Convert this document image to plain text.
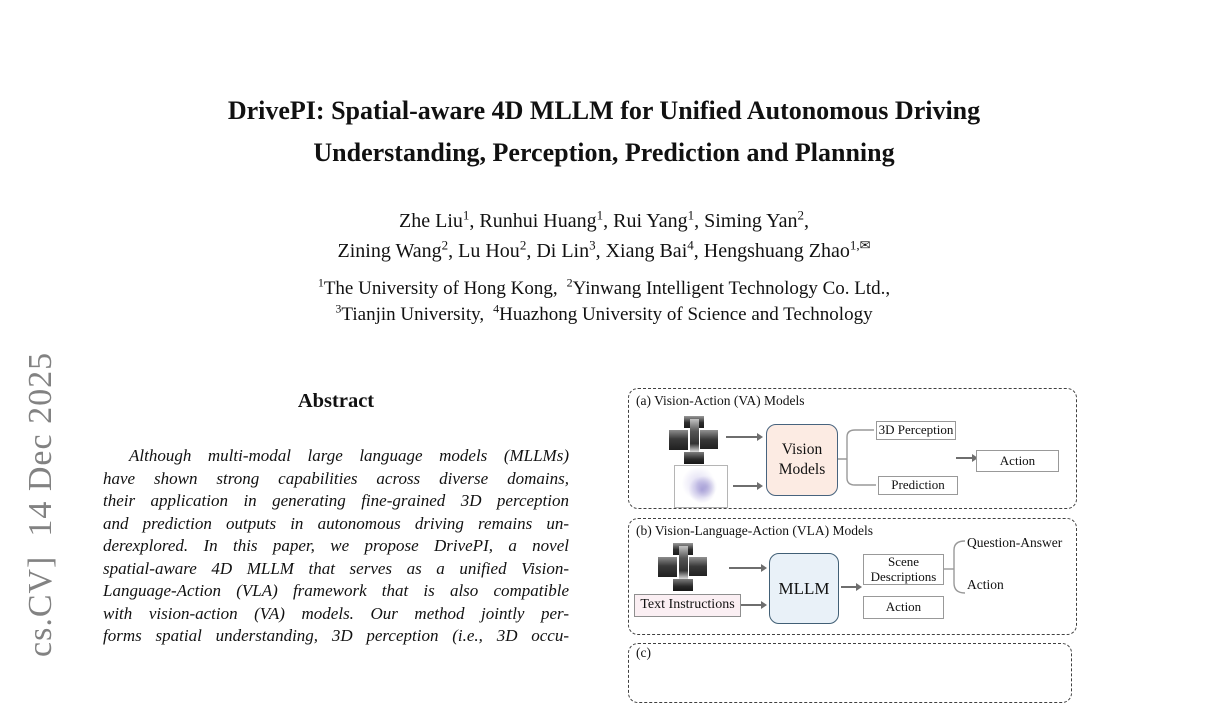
cs.CV]  14 Dec 2025
DrivePI: Spatial-aware 4D MLLM for Unified Autonomous Driving
Understanding, Perception, Prediction and Planning
Zhe Liu$^1$, Runhui Huang$^1$, Rui Yang$^1$, Siming Yan$^2$,
Zining Wang$^2$, Lu Hou$^2$, Di Lin$^3$, Xiang Bai$^4$, Hengshuang Zhao$^{1,✉}$
$^1$The University of Hong Kong, $^2$Yinwang Intelligent Technology Co. Ltd.,
$^3$Tianjin University, $^4$Huazhong University of Science and Technology
Abstract
Although multi-modal large language models (MLLMs)
have shown strong capabilities across diverse domains,
their application in generating fine-grained 3D perception
and prediction outputs in autonomous driving remains un-
derexplored. In this paper, we propose DrivePI, a novel
spatial-aware 4D MLLM that serves as a unified Vision-
Language-Action (VLA) framework that is also compatible
with vision-action (VA) models. Our method jointly per-
forms spatial understanding, 3D perception (i.e., 3D occu-
(a) Vision-Action (VA) Models
Vision Models
3D Perception
Prediction
Action
(b) Vision-Language-Action (VLA) Models
Text Instructions
MLLM
Scene Descriptions
Action
Question-Answer
Action
(c)
